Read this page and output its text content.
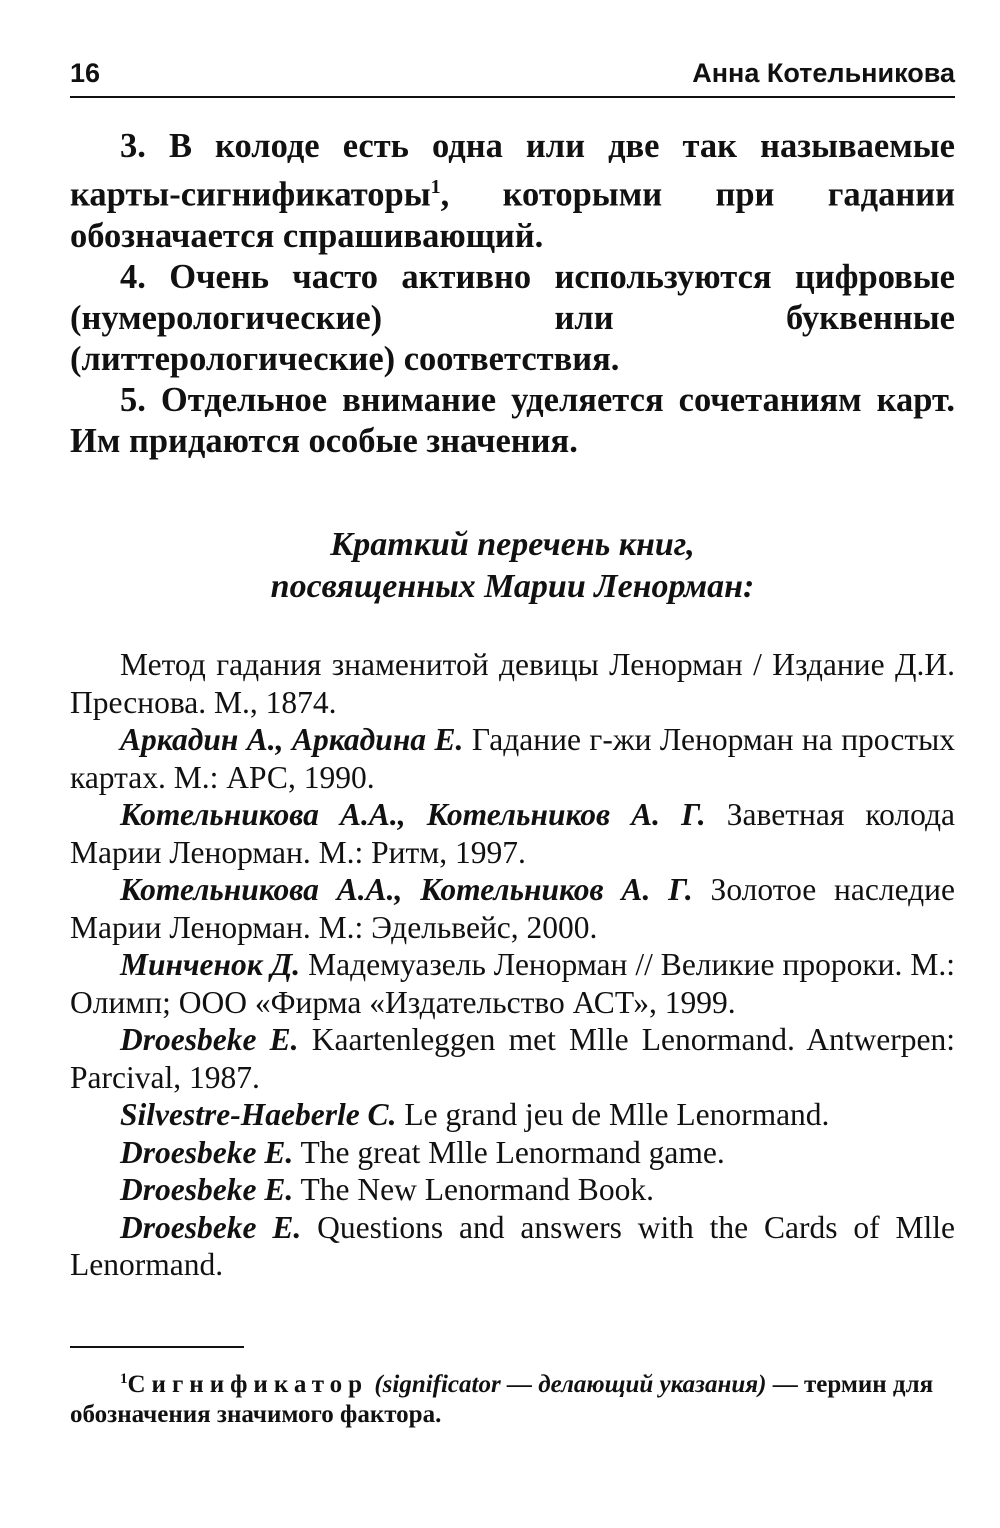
16	Анна Котельникова

3. В колоде есть одна или две так называемые карты-сигнификаторы$^1$, которыми при гадании обозначается спрашивающий.

4. Очень часто активно используются цифровые (нумерологические) или буквенные (литтерологические) соответствия.

5. Отдельное внимание уделяется сочетаниям карт. Им придаются особые значения.

Краткий перечень книг,
посвященных Марии Ленорман:

Метод гадания знаменитой девицы Ленорман / Издание Д.И. Преснова. М., 1874.

Аркадин А., Аркадина Е. Гадание г-жи Ленорман на простых картах. М.: АРС, 1990.

Котельникова А.А., Котельников А. Г. Заветная колода Марии Ленорман. М.: Ритм, 1997.

Котельникова А.А., Котельников А. Г. Золотое наследие Марии Ленорман. М.: Эдельвейс, 2000.

Минченок Д. Мадемуазель Ленорман // Великие пророки. М.: Олимп; ООО «Фирма «Издательство АСТ», 1999.

Droesbeke E. Kaartenleggen met Mlle Lenormand. Antwerpen: Parcival, 1987.

Silvestre-Haeberle C. Le grand jeu de Mlle Lenormand.

Droesbeke E. The great Mlle Lenormand game.

Droesbeke E. The New Lenormand Book.

Droesbeke E. Questions and answers with the Cards of Mlle Lenormand.

$^1$Сигнификатор (significator — делающий указания) — термин для обозначения значимого фактора.
